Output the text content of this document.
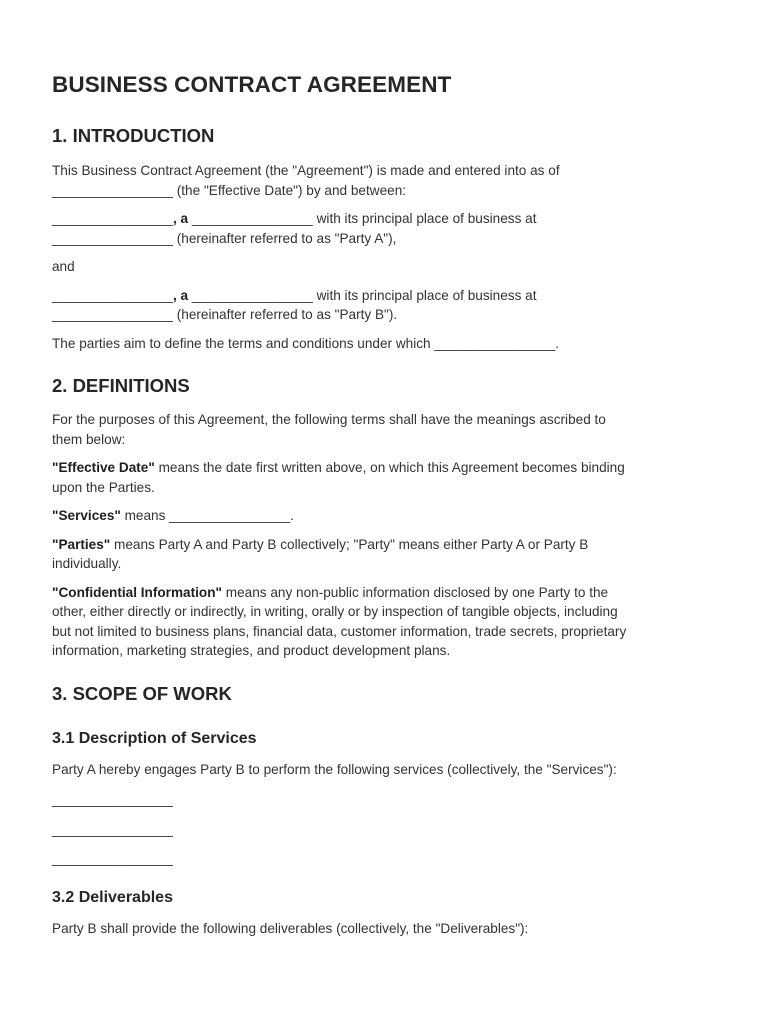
BUSINESS CONTRACT AGREEMENT
1. INTRODUCTION

This Business Contract Agreement (the "Agreement") is made and entered into as of
________________ (the "Effective Date") by and between:

________________, a ________________ with its principal place of business at
________________ (hereinafter referred to as "Party A"),

and

________________, a ________________ with its principal place of business at
________________ (hereinafter referred to as "Party B").

The parties aim to define the terms and conditions under which ________________.

2. DEFINITIONS

For the purposes of this Agreement, the following terms shall have the meanings ascribed to
them below:

"Effective Date" means the date first written above, on which this Agreement becomes binding
upon the Parties.

"Services" means ________________.

"Parties" means Party A and Party B collectively; "Party" means either Party A or Party B
individually.

"Confidential Information" means any non-public information disclosed by one Party to the
other, either directly or indirectly, in writing, orally or by inspection of tangible objects, including
but not limited to business plans, financial data, customer information, trade secrets, proprietary
information, marketing strategies, and product development plans.

3. SCOPE OF WORK
3.1 Description of Services

Party A hereby engages Party B to perform the following services (collectively, the "Services"):

________________

________________

________________

3.2 Deliverables

Party B shall provide the following deliverables (collectively, the "Deliverables"):
